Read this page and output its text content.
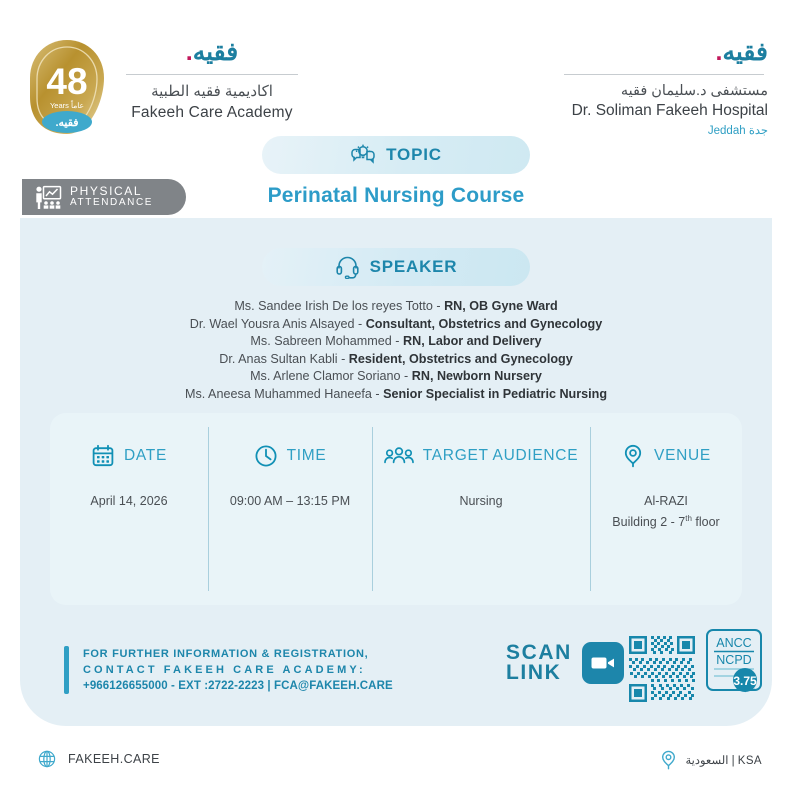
48
Years عاماً
فقيه.
فقيه.
اكاديمية فقيه الطبية
Fakeeh Care Academy
فقيه.
مستشفى د.سليمان فقيه
Dr. Soliman Fakeeh Hospital
جدة Jeddah
TOPIC
Perinatal Nursing Course
PHYSICAL
ATTENDANCE
SPEAKER
Ms. Sandee Irish De los reyes Totto - RN, OB Gyne Ward
Dr. Wael Yousra Anis Alsayed - Consultant, Obstetrics and Gynecology
Ms. Sabreen Mohammed - RN, Labor and Delivery
Dr. Anas Sultan Kabli - Resident, Obstetrics and Gynecology
Ms. Arlene Clamor Soriano - RN, Newborn Nursery
Ms. Aneesa Muhammed Haneefa - Senior Specialist in Pediatric Nursing
DATE
April 14, 2026
TIME
09:00 AM – 13:15 PM
TARGET AUDIENCE
Nursing
VENUE
Al-RAZI
Building 2 - 7th floor
FOR FURTHER INFORMATION & REGISTRATION,
CONTACT FAKEEH CARE ACADEMY:
+966126655000 - EXT :2722-2223 | FCA@FAKEEH.CARE
SCAN
LINK
ANCC
NCPD
3.75
FAKEEH.CARE	السعودية | KSA
